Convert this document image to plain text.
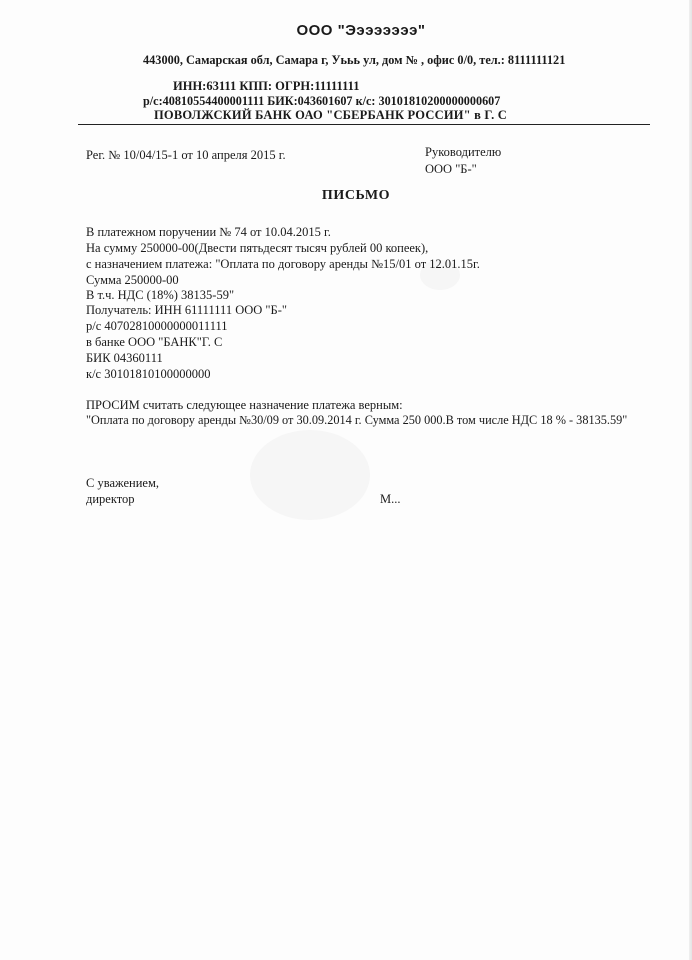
ООО "Ээээээээ"
443000, Самарская обл, Самара г, Уььь ул, дом № , офис 0/0, тел.: 8111111121
ИНН:63111 КПП: ОГРН:11111111
р/с:40810554400001111 БИК:043601607 к/с: 30101810200000000607
ПОВОЛЖСКИЙ БАНК ОАО "СБЕРБАНК РОССИИ" в Г. С
Рег. № 10/04/15-1 от 10 апреля 2015 г.	Руководителю
ООО "Б-"
ПИСЬМО
В платежном поручении № 74 от 10.04.2015 г.
На сумму 250000-00(Двести пятьдесят тысяч рублей 00 копеек),
с назначением платежа: "Оплата по договору аренды №15/01 от 12.01.15г.
Сумма 250000-00
В т.ч. НДС (18%) 38135-59"
Получатель: ИНН 61111111 ООО "Б-"
р/с 40702810000000011111
в банке ООО "БАНК"Г. С
БИК 04360111
к/с 30101810100000000
ПРОСИМ считать следующее назначение платежа верным:
"Оплата по договору аренды №30/09 от 30.09.2014 г. Сумма 250 000.В том числе НДС 18 % - 38135.59"
С уважением,
директор	М...
